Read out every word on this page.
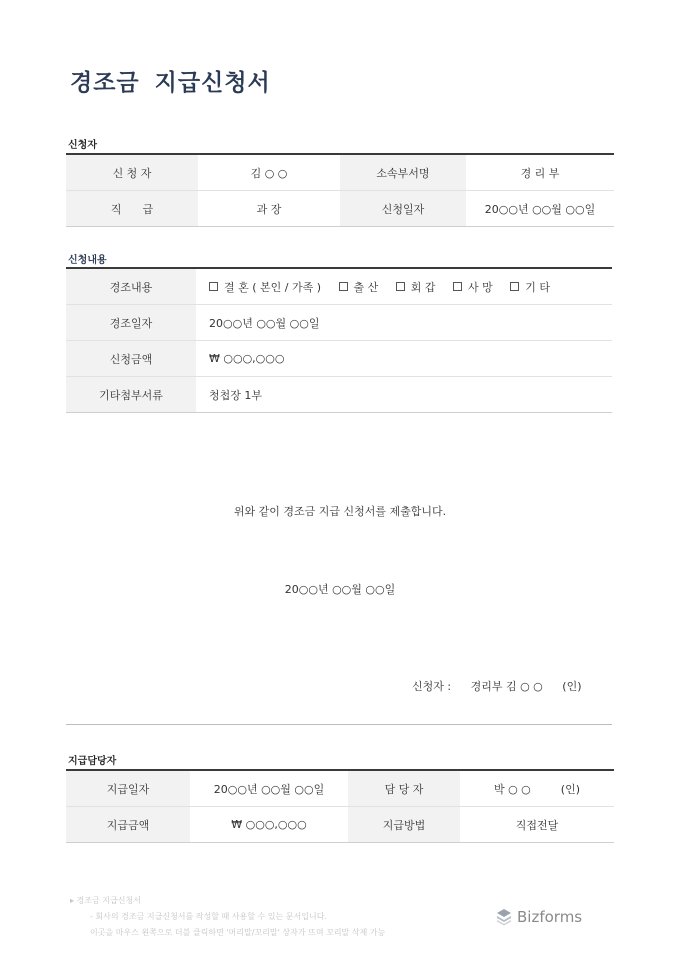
경조금 지급신청서
신청자
신 청 자	김 ○ ○	소속부서명	경 리 부
직      급	과 장	신청일자	20○○년 ○○월 ○○일
신청내용
경조내용	결 혼 ( 본인 / 가족 ) 출 산 회 갑 사 망 기 타
경조일자	20○○년 ○○월 ○○일
신청금액	₩ ○○○,○○○
기타첨부서류	청첩장 1부
위와 같이 경조금 지급 신청서를 제출합니다.
20○○년 ○○월 ○○일
신청자 : 경리부 김 ○ ○ (인)
지급담당자
지급일자	20○○년 ○○월 ○○일	담 당 자	박 ○ ○ (인)
지급금액	₩ ○○○,○○○	지급방법	직접전달
▸ 경조금 지급신청서
- 회사의 경조금 지급신청서를 작성할 때 사용할 수 있는 문서입니다.
이곳을 마우스 왼쪽으로 더블 클릭하면 '머리말/꼬리말' 상자가 뜨며 꼬리말 삭제 가능
Bizforms
